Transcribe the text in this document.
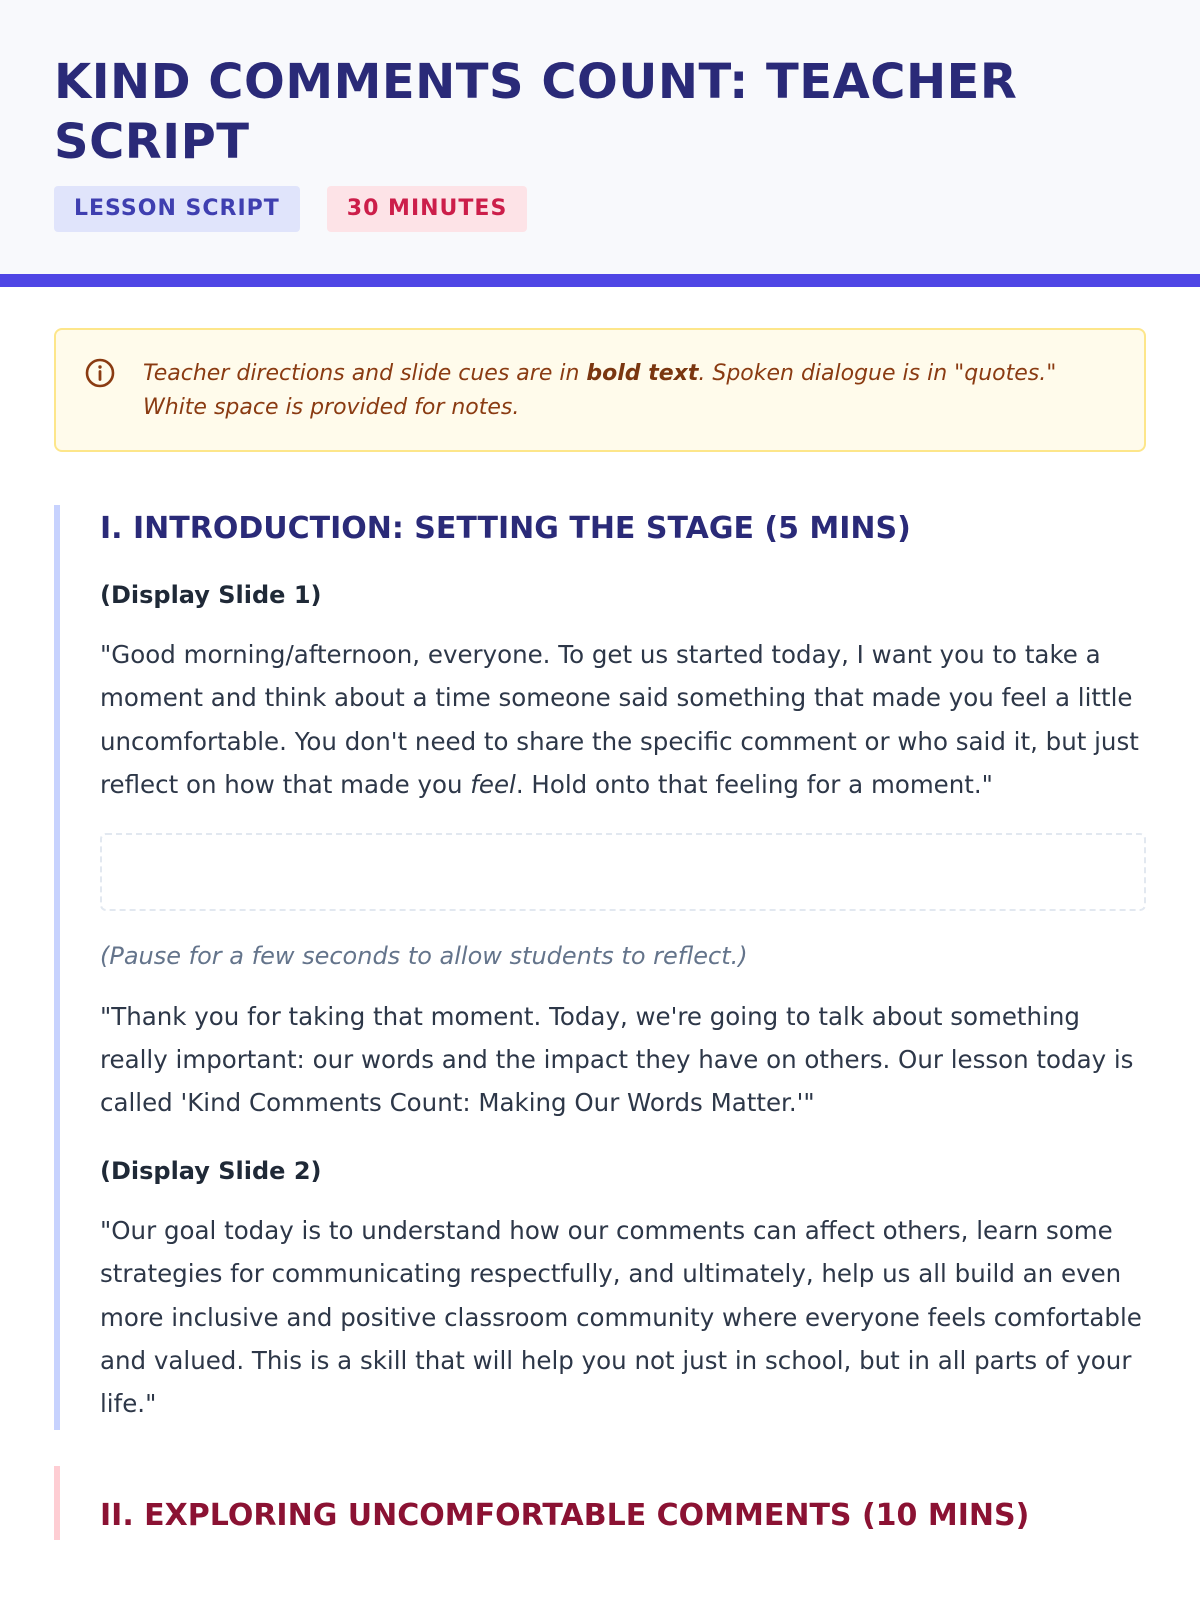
KIND COMMENTS COUNT: TEACHER SCRIPT
LESSON SCRIPT	30 MINUTES
Teacher directions and slide cues are in bold text. Spoken dialogue is in "quotes." White space is provided for notes.
I. INTRODUCTION: SETTING THE STAGE (5 MINS)

(Display Slide 1)

"Good morning/afternoon, everyone. To get us started today, I want you to take a moment and think about a time someone said something that made you feel a little uncomfortable. You don't need to share the specific comment or who said it, but just reflect on how that made you feel. Hold onto that feeling for a moment."

(Pause for a few seconds to allow students to reflect.)

"Thank you for taking that moment. Today, we're going to talk about something really important: our words and the impact they have on others. Our lesson today is called 'Kind Comments Count: Making Our Words Matter.'"

(Display Slide 2)

"Our goal today is to understand how our comments can affect others, learn some strategies for communicating respectfully, and ultimately, help us all build an even more inclusive and positive classroom community where everyone feels comfortable and valued. This is a skill that will help you not just in school, but in all parts of your life."

II. EXPLORING UNCOMFORTABLE COMMENTS (10 MINS)
